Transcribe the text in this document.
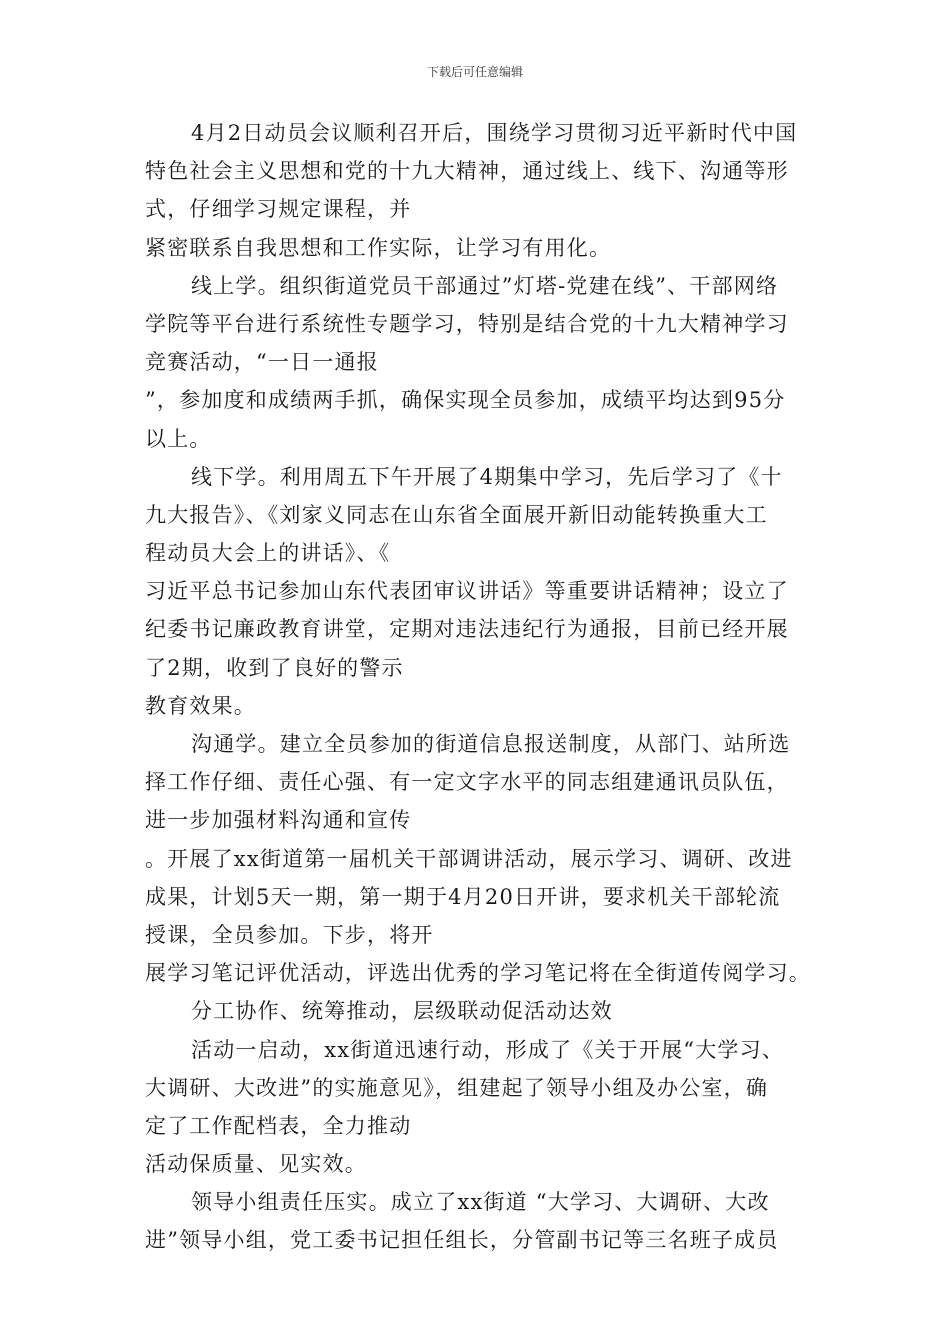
下载后可任意编辑

4月2日动员会议顺利召开后，围绕学习贯彻习近平新时代中国
特色社会主义思想和党的十九大精神，通过线上、线下、沟通等形
式，仔细学习规定课程，并

紧密联系自我思想和工作实际，让学习有用化。

线上学。组织街道党员干部通过”灯塔-党建在线”、干部网络
学院等平台进行系统性专题学习，特别是结合党的十九大精神学习
竞赛活动，“一日一通报

”，参加度和成绩两手抓，确保实现全员参加，成绩平均达到95分
以上。

线下学。利用周五下午开展了4期集中学习，先后学习了《十
九大报告》、《刘家义同志在山东省全面展开新旧动能转换重大工
程动员大会上的讲话》、《

习近平总书记参加山东代表团审议讲话》等重要讲话精神；设立了
纪委书记廉政教育讲堂，定期对违法违纪行为通报，目前已经开展
了2期，收到了良好的警示

教育效果。

沟通学。建立全员参加的街道信息报送制度，从部门、站所选
择工作仔细、责任心强、有一定文字水平的同志组建通讯员队伍，
进一步加强材料沟通和宣传

。开展了xx街道第一届机关干部调讲活动，展示学习、调研、改进
成果，计划5天一期，第一期于4月20日开讲，要求机关干部轮流
授课，全员参加。下步，将开

展学习笔记评优活动，评选出优秀的学习笔记将在全街道传阅学习。

分工协作、统筹推动，层级联动促活动达效

活动一启动，xx街道迅速行动，形成了《关于开展“大学习、
大调研、大改进”的实施意见》，组建起了领导小组及办公室，确
定了工作配档表，全力推动

活动保质量、见实效。

领导小组责任压实。成立了xx街道 “大学习、大调研、大改
进”领导小组，党工委书记担任组长，分管副书记等三名班子成员
